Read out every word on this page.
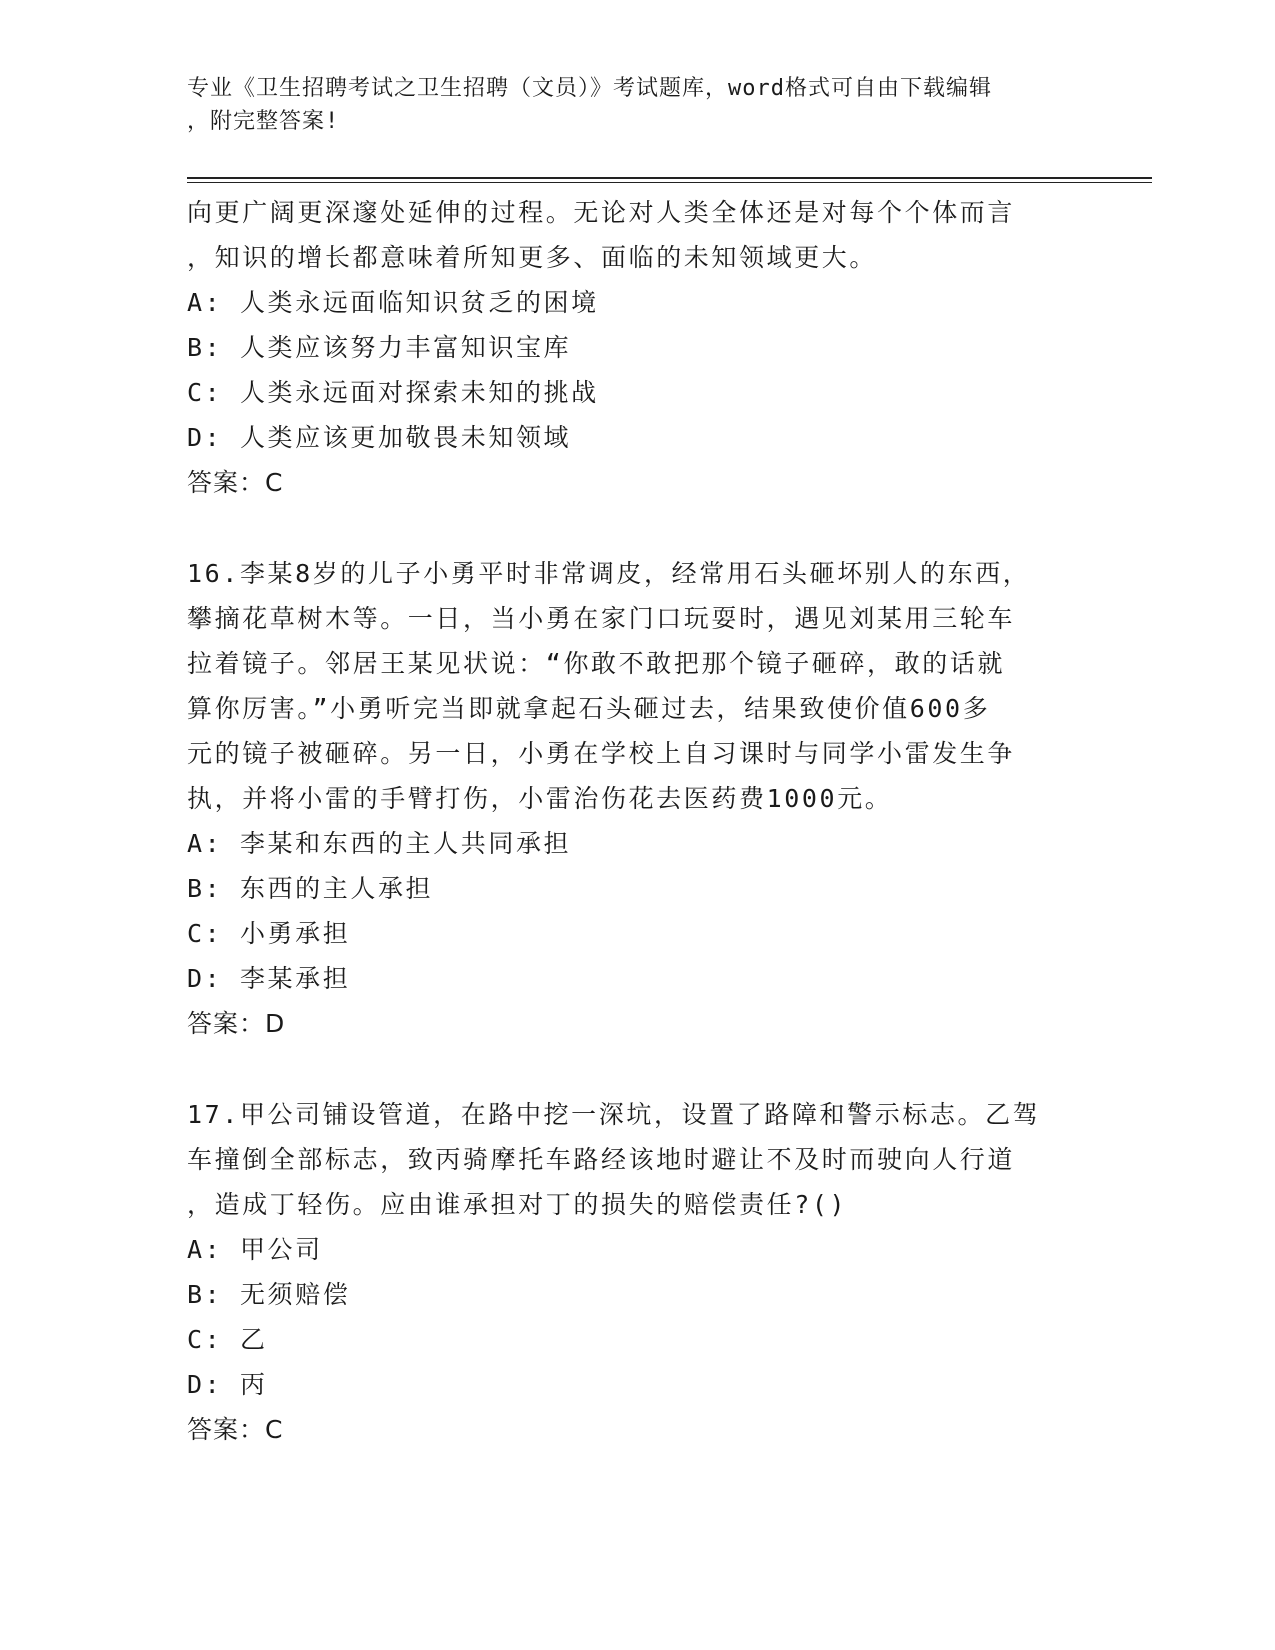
专业《卫生招聘考试之卫生招聘（文员）》考试题库，word格式可自由下载编辑
，附完整答案!

向更广阔更深邃处延伸的过程。无论对人类全体还是对每个个体而言

，知识的增长都意味着所知更多、面临的未知领域更大。

A: 人类永远面临知识贫乏的困境

B: 人类应该努力丰富知识宝库

C: 人类永远面对探索未知的挑战

D: 人类应该更加敬畏未知领域

答案：C

16.李某8岁的儿子小勇平时非常调皮，经常用石头砸坏别人的东西，

攀摘花草树木等。一日，当小勇在家门口玩耍时，遇见刘某用三轮车

拉着镜子。邻居王某见状说：“你敢不敢把那个镜子砸碎，敢的话就

算你厉害。”小勇听完当即就拿起石头砸过去，结果致使价值600多

元的镜子被砸碎。另一日，小勇在学校上自习课时与同学小雷发生争

执，并将小雷的手臂打伤，小雷治伤花去医药费1000元。

A: 李某和东西的主人共同承担

B: 东西的主人承担

C: 小勇承担

D: 李某承担

答案：D

17.甲公司铺设管道，在路中挖一深坑，设置了路障和警示标志。乙驾

车撞倒全部标志，致丙骑摩托车路经该地时避让不及时而驶向人行道

，造成丁轻伤。应由谁承担对丁的损失的赔偿责任?()

A: 甲公司

B: 无须赔偿

C: 乙

D: 丙

答案：C
